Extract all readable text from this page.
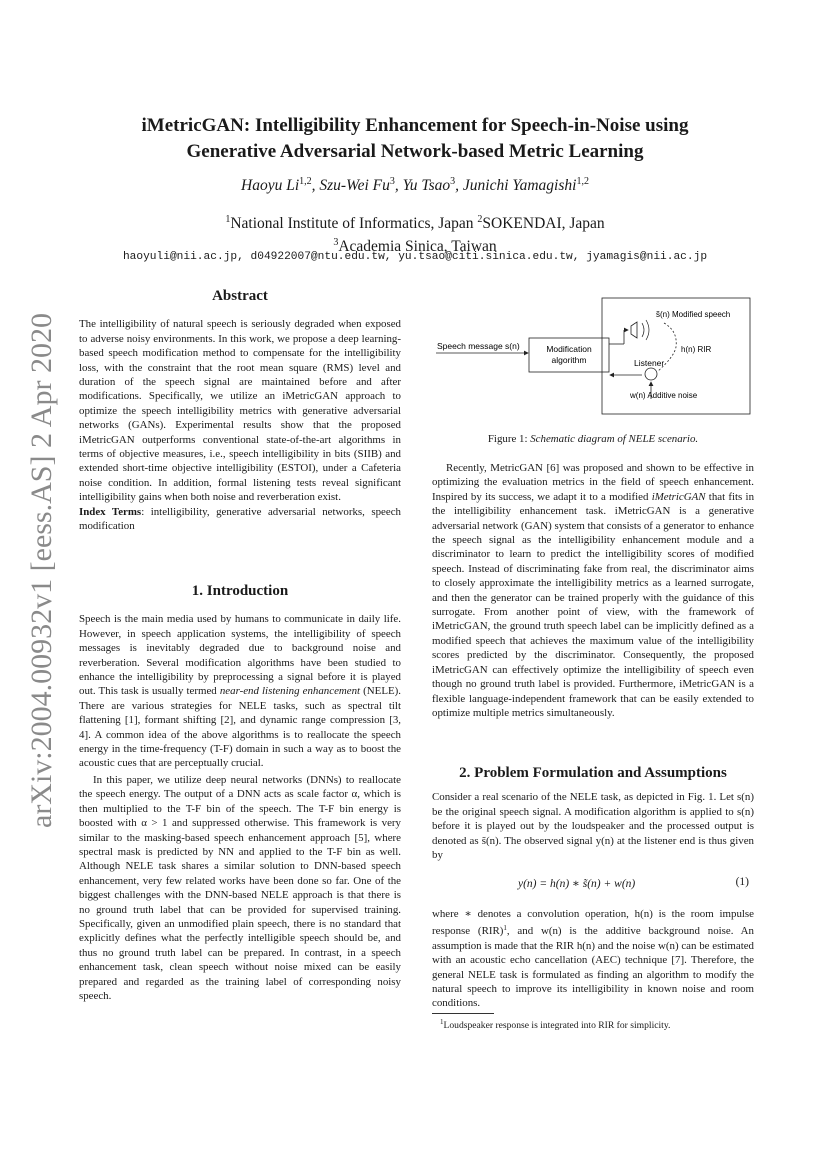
arXiv:2004.00932v1 [eess.AS] 2 Apr 2020
iMetricGAN: Intelligibility Enhancement for Speech-in-Noise using
Generative Adversarial Network-based Metric Learning
Haoyu Li$^{1,2}$, Szu-Wei Fu$^3$, Yu Tsao$^3$, Junichi Yamagishi$^{1,2}$
$^1$National Institute of Informatics, Japan $^2$SOKENDAI, Japan
$^3$Academia Sinica, Taiwan
haoyuli@nii.ac.jp, d04922007@ntu.edu.tw, yu.tsao@citi.sinica.edu.tw, jyamagis@nii.ac.jp
Abstract

The intelligibility of natural speech is seriously degraded when exposed to adverse noisy environments. In this work, we propose a deep learning-based speech modification method to compensate for the intelligibility loss, with the constraint that the root mean square (RMS) level and duration of the speech signal are maintained before and after modifications. Specifically, we utilize an iMetricGAN approach to optimize the speech intelligibility metrics with generative adversarial networks (GANs). Experimental results show that the proposed iMetricGAN outperforms conventional state-of-the-art algorithms in terms of objective measures, i.e., speech intelligibility in bits (SIIB) and extended short-time objective intelligibility (ESTOI), under a Cafeteria noise condition. In addition, formal listening tests reveal significant intelligibility gains when both noise and reverberation exist.

Index Terms: intelligibility, generative adversarial networks, speech modification

1. Introduction

Speech is the main media used by humans to communicate in daily life. However, in speech application systems, the intelligibility of speech messages is inevitably degraded due to background noise and reverberation. Several modification algorithms have been studied to enhance the intelligibility by preprocessing a signal before it is played out. This task is usually termed near-end listening enhancement (NELE). There are various strategies for NELE tasks, such as spectral tilt flattening [1], formant shifting [2], and dynamic range compression [3, 4]. A common idea of the above algorithms is to reallocate the speech energy in the time-frequency (T-F) domain in such a way as to boost the acoustic cues that are perceptually crucial.

In this paper, we utilize deep neural networks (DNNs) to reallocate the speech energy. The output of a DNN acts as scale factor α, which is then multiplied to the T-F bin of the speech. The T-F bin energy is boosted with α > 1 and suppressed otherwise. This framework is very similar to the masking-based speech enhancement approach [5], where spectral mask is predicted by NN and applied to the T-F bin as well. Although NELE task shares a similar solution to DNN-based speech enhancement, very few related works have been done so far. One of the biggest challenges with the DNN-based NELE approach is that there is no ground truth label that can be provided for supervised training. Specifically, given an unmodified plain speech, there is no standard that explicitly defines what the perfectly intelligible speech should be, and thus no ground truth label can be prepared. In contrast, in a speech enhancement task, clean speech without noise mixed can be easily prepared and regarded as the training label of corresponding noisy speech.

Speech message s(n)	Modification
algorithm
s̃(n) Modified speech
h(n) RIR
Listener
w(n) Additive noise
Figure 1: Schematic diagram of NELE scenario.

Recently, MetricGAN [6] was proposed and shown to be effective in optimizing the evaluation metrics in the field of speech enhancement. Inspired by its success, we adapt it to a modified iMetricGAN that fits in the intelligibility enhancement task. iMetricGAN is a generative adversarial network (GAN) system that consists of a generator to enhance the speech signal as the intelligibility enhancement module and a discriminator to learn to predict the intelligibility scores of modified speech. Instead of discriminating fake from real, the discriminator aims to closely approximate the intelligibility metrics as a learned surrogate, and then the generator can be trained properly with the guidance of this surrogate. From another point of view, with the framework of iMetricGAN, the ground truth speech label can be implicitly defined as a modified speech that achieves the maximum value of the intelligibility scores predicted by the discriminator. Consequently, the proposed iMetricGAN can effectively optimize the intelligibility of speech even though no ground truth label is provided. Furthermore, iMetricGAN is a flexible language-independent framework that can be easily extended to optimize multiple metrics simultaneously.

2. Problem Formulation and Assumptions

Consider a real scenario of the NELE task, as depicted in Fig. 1. Let s(n) be the original speech signal. A modification algorithm is applied to s(n) before it is played out by the loudspeaker and the processed output is denoted as s̃(n). The observed signal y(n) at the listener end is thus given by

y(n) = h(n) ∗ s̃(n) + w(n)	(1)

where ∗ denotes a convolution operation, h(n) is the room impulse response (RIR)$^1$, and w(n) is the additive background noise. An assumption is made that the RIR h(n) and the noise w(n) can be estimated with an acoustic echo cancellation (AEC) technique [7]. Therefore, the general NELE task is formulated as finding an algorithm to modify the natural speech to improve its intelligibility in known noise and room conditions.

$^1$Loudspeaker response is integrated into RIR for simplicity.
